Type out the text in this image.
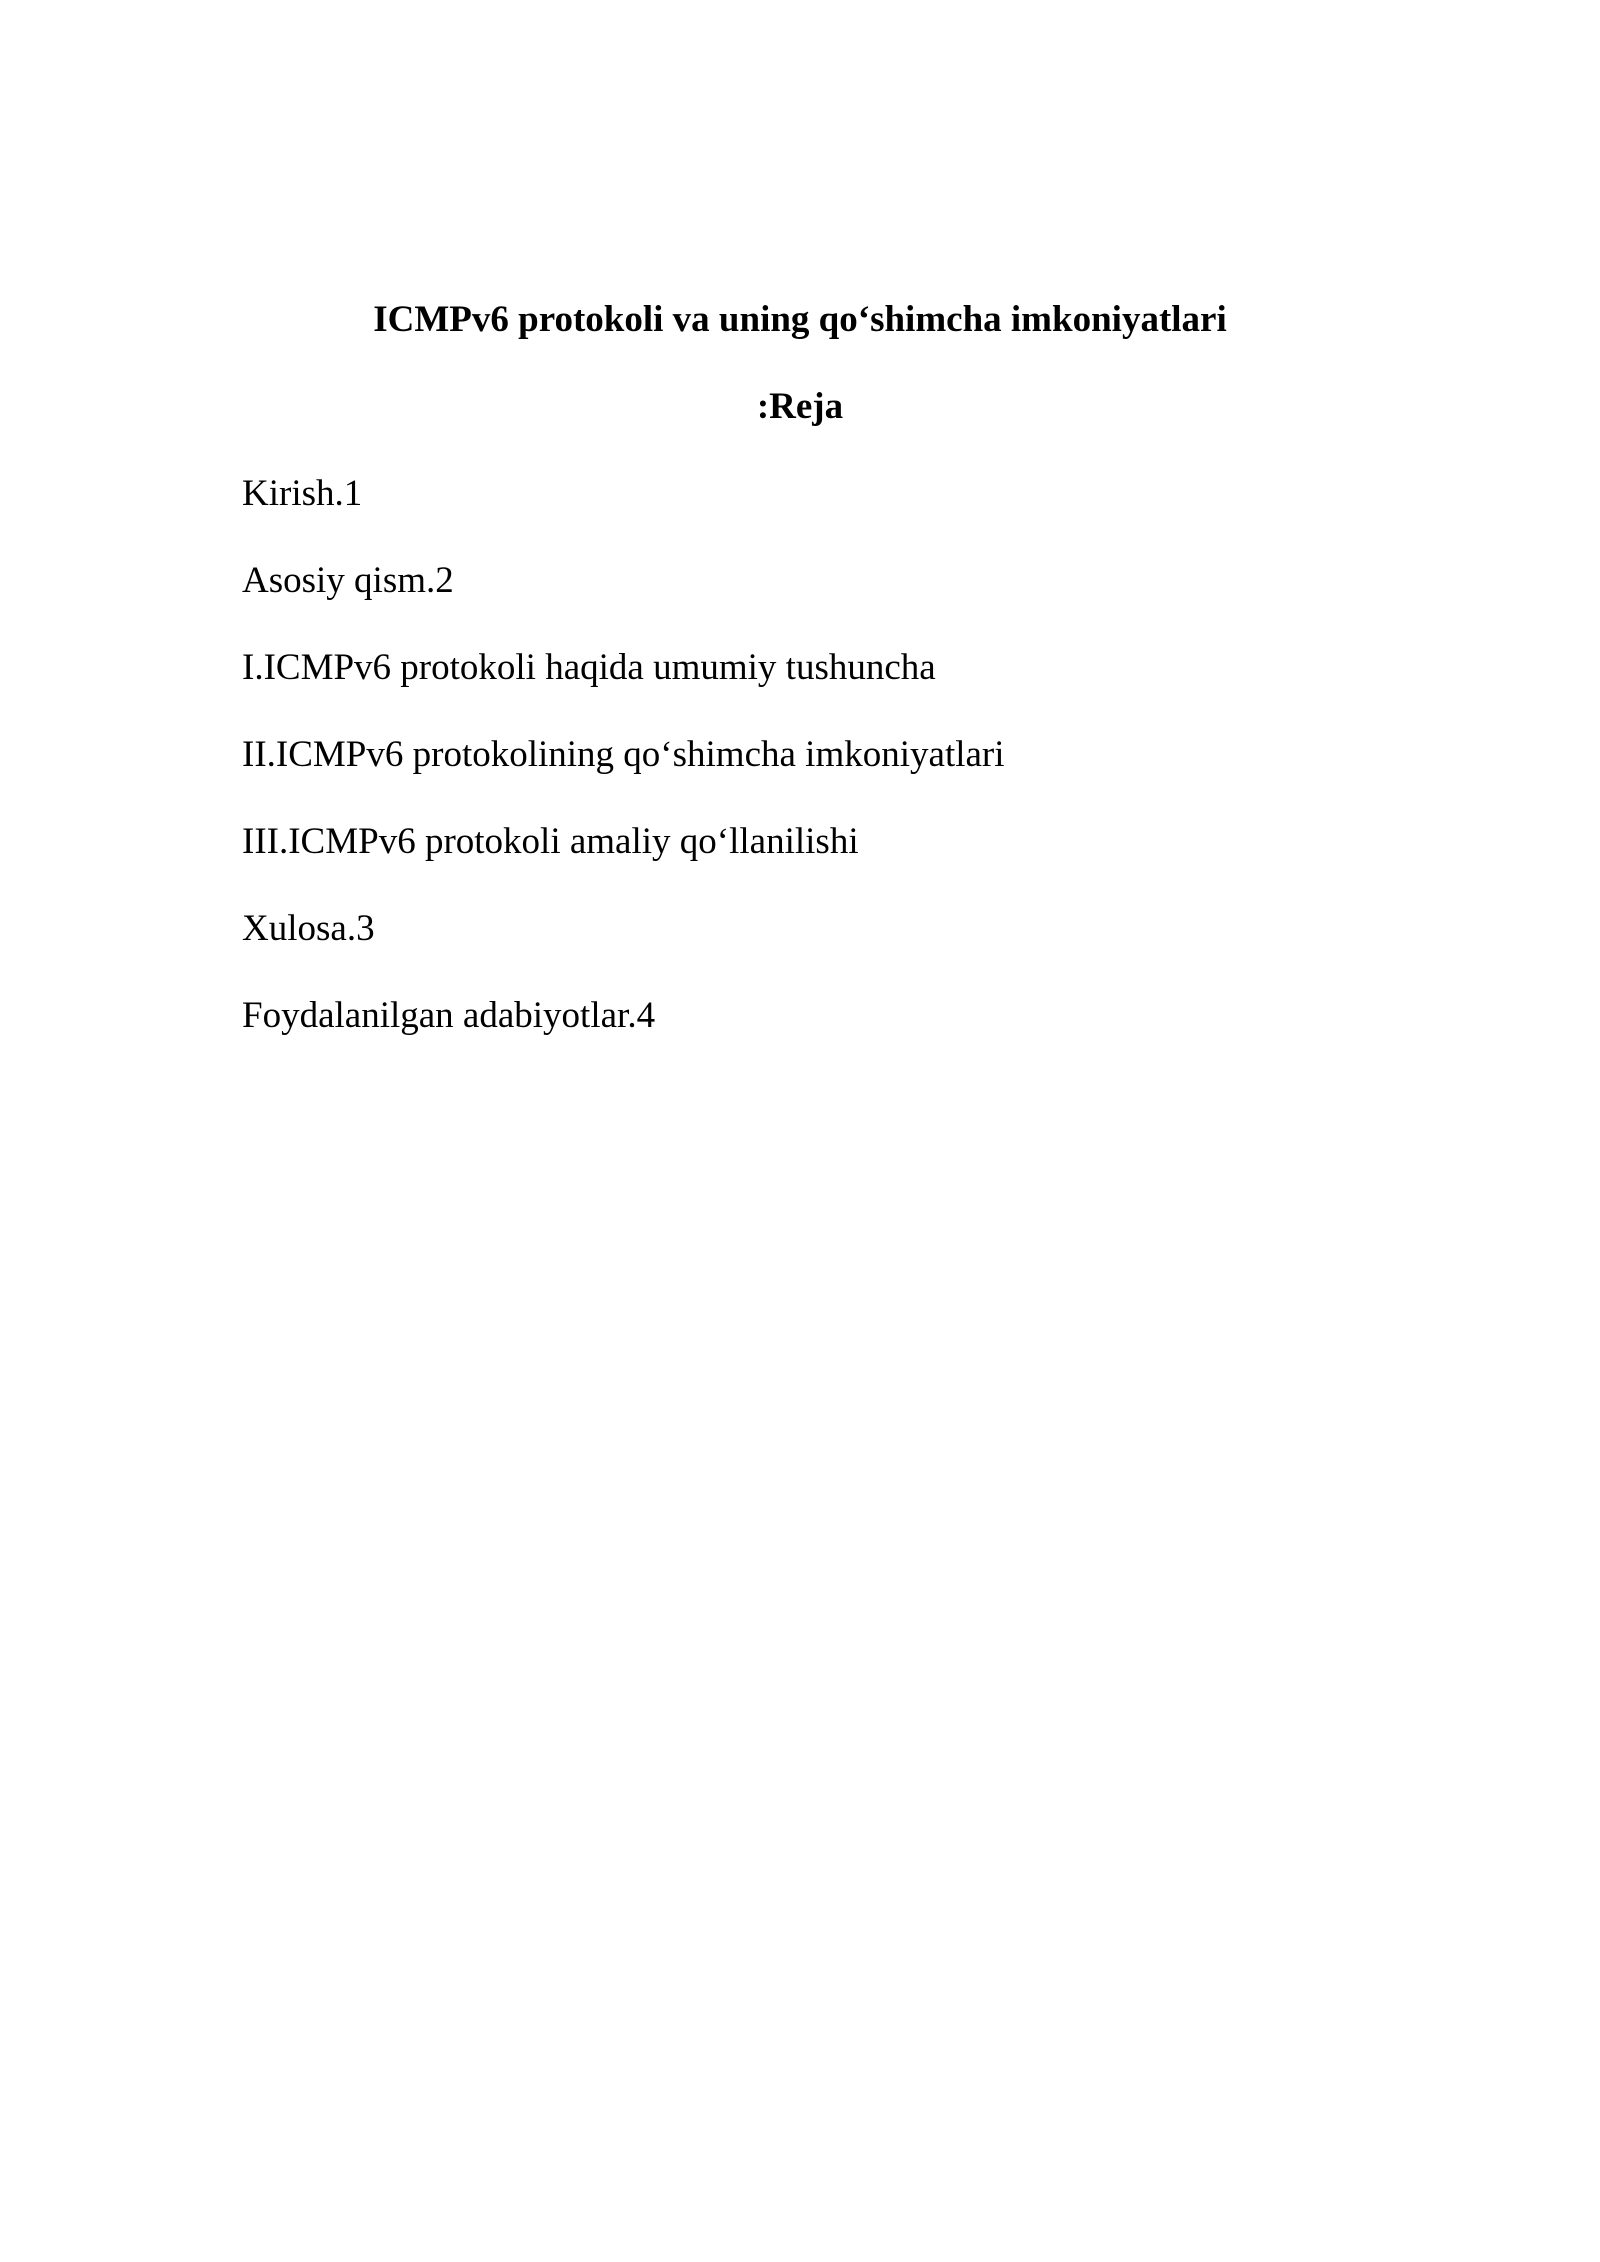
ICMPv6 protokoli va uning qo‘shimcha imkoniyatlari
:Reja
Kirish.1
Asosiy qism.2
I.ICMPv6 protokoli haqida umumiy tushuncha
II.ICMPv6 protokolining qo‘shimcha imkoniyatlari
III.ICMPv6 protokoli amaliy qo‘llanilishi
Xulosa.3
Foydalanilgan adabiyotlar.4
